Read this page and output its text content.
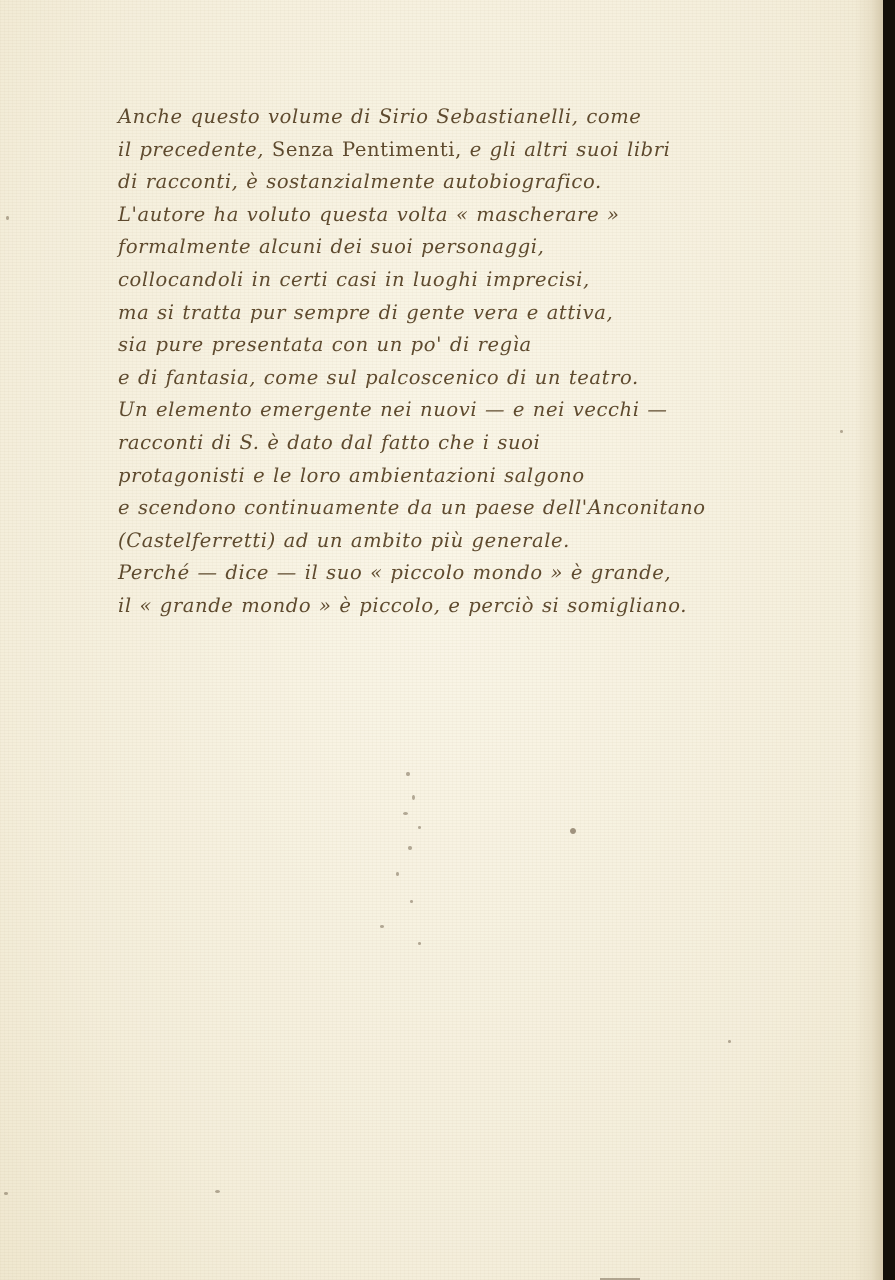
Anche questo volume di Sirio Sebastianelli, come
il precedente, Senza Pentimenti, e gli altri suoi libri
di racconti, è sostanzialmente autobiografico.
L'autore ha voluto questa volta « mascherare »
formalmente alcuni dei suoi personaggi,
collocandoli in certi casi in luoghi imprecisi,
ma si tratta pur sempre di gente vera e attiva,
sia pure presentata con un po' di regìa
e di fantasia, come sul palcoscenico di un teatro.
Un elemento emergente nei nuovi — e nei vecchi —
racconti di S. è dato dal fatto che i suoi
protagonisti e le loro ambientazioni salgono
e scendono continuamente da un paese dell'Anconitano
(Castelferretti) ad un ambito più generale.
Perché — dice — il suo « piccolo mondo » è grande,
il « grande mondo » è piccolo, e perciò si somigliano.
